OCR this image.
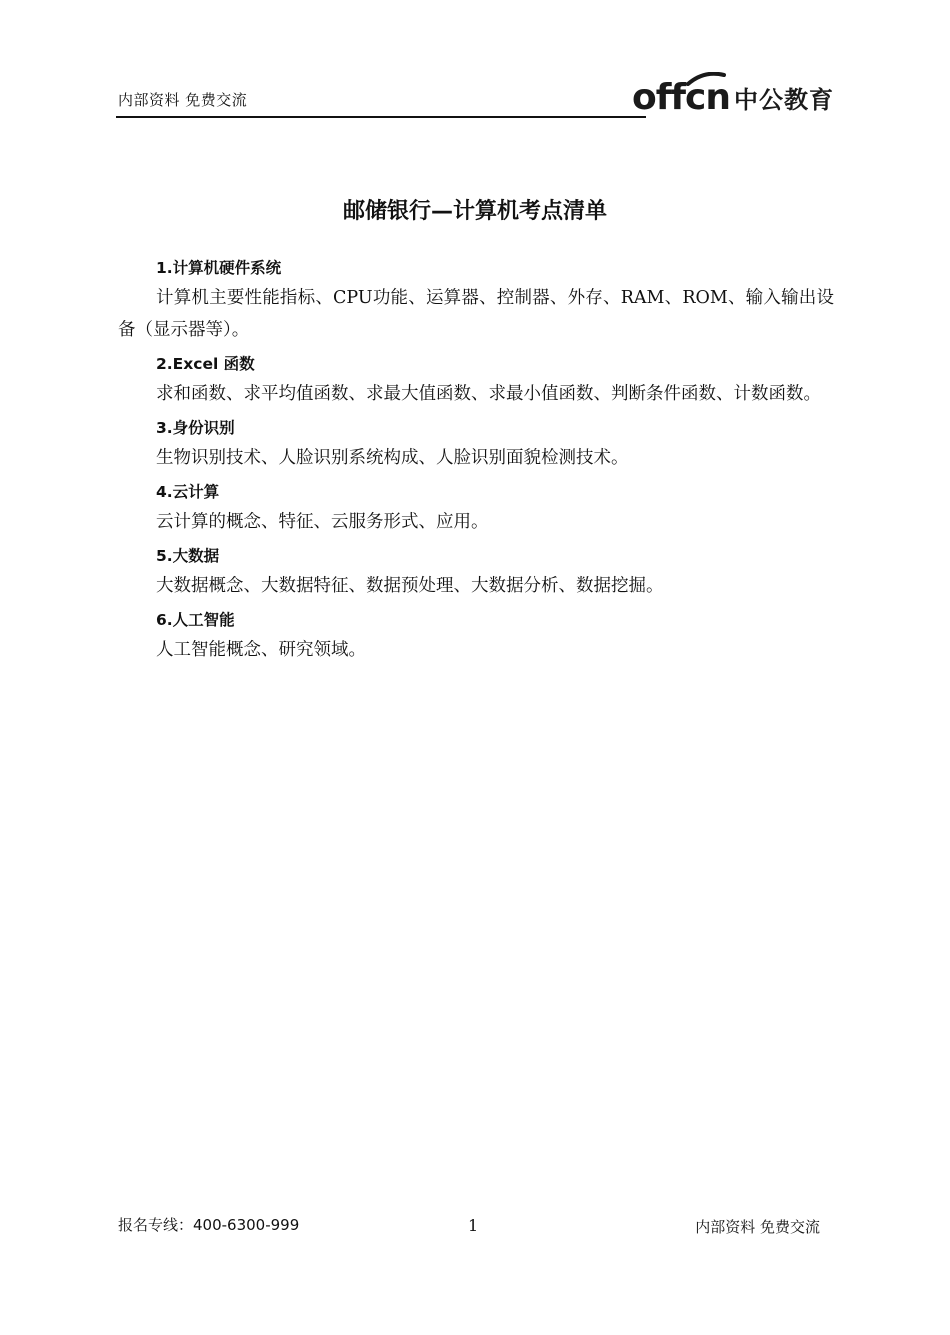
内部资料 免费交流	offcn 中公教育
邮储银行—计算机考点清单

1.计算机硬件系统

计算机主要性能指标、CPU功能、运算器、控制器、外存、RAM、ROM、输入输出设备（显示器等）。

2.Excel 函数

求和函数、求平均值函数、求最大值函数、求最小值函数、判断条件函数、计数函数。

3.身份识别

生物识别技术、人脸识别系统构成、人脸识别面貌检测技术。

4.云计算

云计算的概念、特征、云服务形式、应用。

5.大数据

大数据概念、大数据特征、数据预处理、大数据分析、数据挖掘。

6.人工智能

人工智能概念、研究领域。

报名专线：400-6300-999	1	内部资料 免费交流
